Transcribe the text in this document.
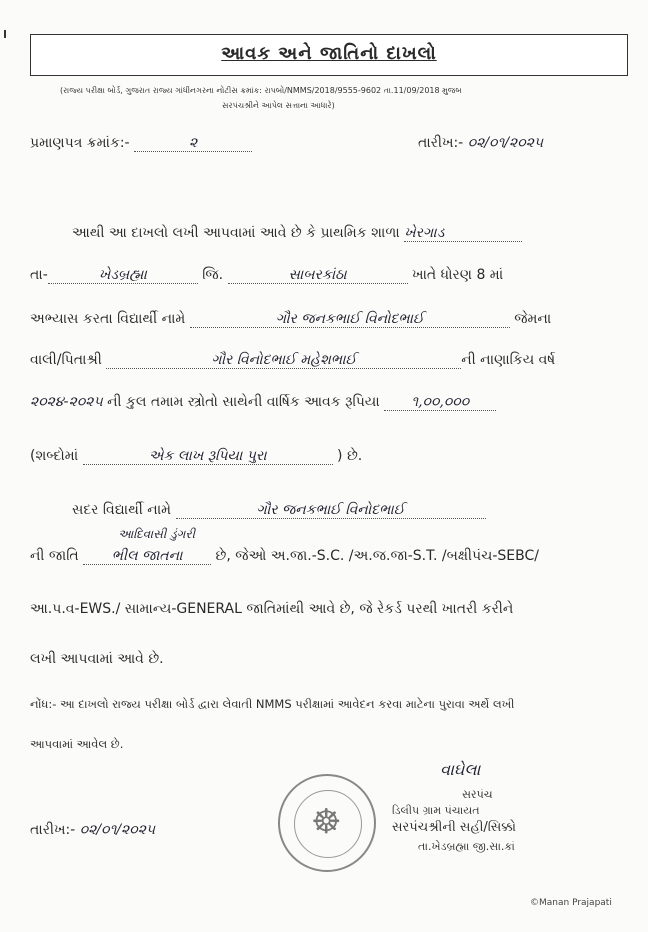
આવક અને જાતિનો દાખલો
(રાજ્ય પરીક્ષા બોર્ડ, ગુજરાત રાજ્ય ગાંધીનગરના નોટીસ ક્રમાંક: રાપબો/NMMS/2018/9555-9602 તા.11/09/2018 મુજબ
સરપંચશ્રીને આપેલ સત્તાના આધારે)
પ્રમાણપત્ર ક્રમાંક:-	૨	તારીખ:- ૦૨/૦૧/૨૦૨૫
આથી આ દાખલો લખી આપવામાં આવે છે કે પ્રાથમિક શાળા ખેરગાડ
તા-	ખેડબ્રહ્મા	જિ.	સાબરકાંઠા	ખાતે ધોરણ 8 માં
અભ્યાસ કરતા વિદ્યાર્થી નામે	ગૌર જનકભાઈ વિનોદભાઈ	જેમના
વાલી/પિતાશ્રી	ગૌર વિનોદભાઈ મહેશભાઈ	ની નાણાકિય વર્ષ
૨૦૨૪-૨૦૨૫ ની કુલ તમામ સ્ત્રોતો સાથેની વાર્ષિક આવક રૂપિયા ૧,૦૦,૦૦૦
(શબ્દોમાં	એક લાખ રૂપિયા પુરા	) છે.
સદર વિદ્યાર્થી નામે	ગૌર જનકભાઈ વિનોદભાઈ
આદિવાસી ડુંગરી
ની જાતિ ભીલ જાતના છે, જેઓ અ.જા.-S.C. /અ.જ.જા-S.T. /બક્ષીપંચ-SEBC/
આ.પ.વ-EWS./ સામાન્ય-GENERAL જાતિમાંથી આવે છે, જે રેકર્ડ પરથી ખાતરી કરીને
લખી આપવામાં આવે છે.
નોંધ:- આ દાખલો રાજ્ય પરીક્ષા બોર્ડ દ્વારા લેવાતી NMMS પરીક્ષામાં આવેદન કરવા માટેના પુરાવા અર્થે લખી
આપવામાં આવેલ છે.
☸
વાઘેલા
સરપંચ
ડિલીપ ગ્રામ પંચાયત
સરપંચશ્રીની સહી/સિક્કો
તા.ખેડબ્રહ્મા જી.સા.કાં
તારીખ:- ૦૨/૦૧/૨૦૨૫
©Manan Prajapati
